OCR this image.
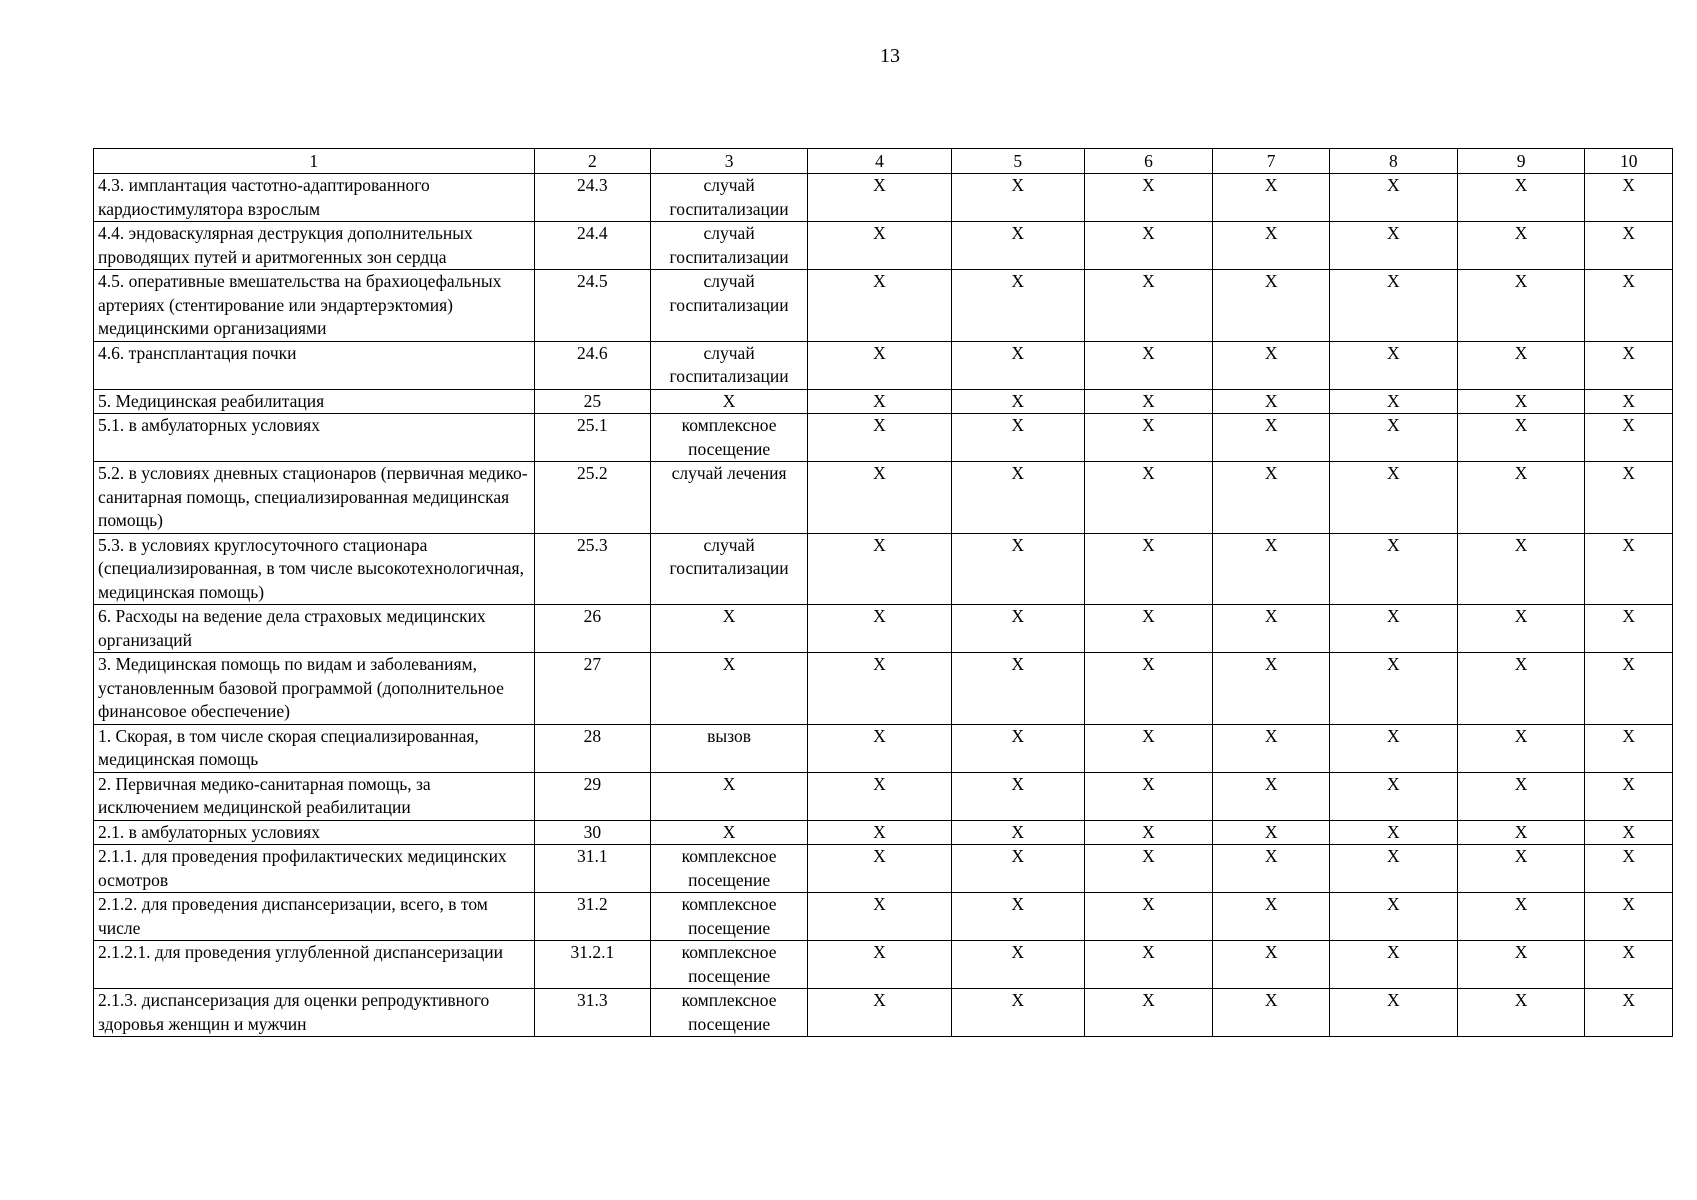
13
1	2	3	4	5	6	7	8	9	10
4.3. имплантация частотно-адаптированного кардиостимулятора взрослым	24.3	случай госпитализации	X	X	X	X	X	X	X
4.4. эндоваскулярная деструкция дополнительных проводящих путей и аритмогенных зон сердца	24.4	случай госпитализации	X	X	X	X	X	X	X
4.5. оперативные вмешательства на брахиоцефальных артериях (стентирование или эндартерэктомия) медицинскими организациями	24.5	случай госпитализации	X	X	X	X	X	X	X
4.6. трансплантация почки	24.6	случай госпитализации	X	X	X	X	X	X	X
5. Медицинская реабилитация	25	X	X	X	X	X	X	X	X
5.1. в амбулаторных условиях	25.1	комплексное посещение	X	X	X	X	X	X	X
5.2. в условиях дневных стационаров (первичная медико-санитарная помощь, специализированная медицинская помощь)	25.2	случай лечения	X	X	X	X	X	X	X
5.3. в условиях круглосуточного стационара (специализированная, в том числе высокотехнологичная, медицинская помощь)	25.3	случай госпитализации	X	X	X	X	X	X	X
6. Расходы на ведение дела страховых медицинских организаций	26	X	X	X	X	X	X	X	X
3. Медицинская помощь по видам и заболеваниям, установленным базовой программой (дополнительное финансовое обеспечение)	27	X	X	X	X	X	X	X	X
1. Скорая, в том числе скорая специализированная, медицинская помощь	28	вызов	X	X	X	X	X	X	X
2. Первичная медико-санитарная помощь, за исключением медицинской реабилитации	29	X	X	X	X	X	X	X	X
2.1. в амбулаторных условиях	30	X	X	X	X	X	X	X	X
2.1.1. для проведения профилактических медицинских осмотров	31.1	комплексное посещение	X	X	X	X	X	X	X
2.1.2. для проведения диспансеризации, всего, в том числе	31.2	комплексное посещение	X	X	X	X	X	X	X
2.1.2.1. для проведения углубленной диспансеризации	31.2.1	комплексное посещение	X	X	X	X	X	X	X
2.1.3. диспансеризация для оценки репродуктивного здоровья женщин и мужчин	31.3	комплексное посещение	X	X	X	X	X	X	X
